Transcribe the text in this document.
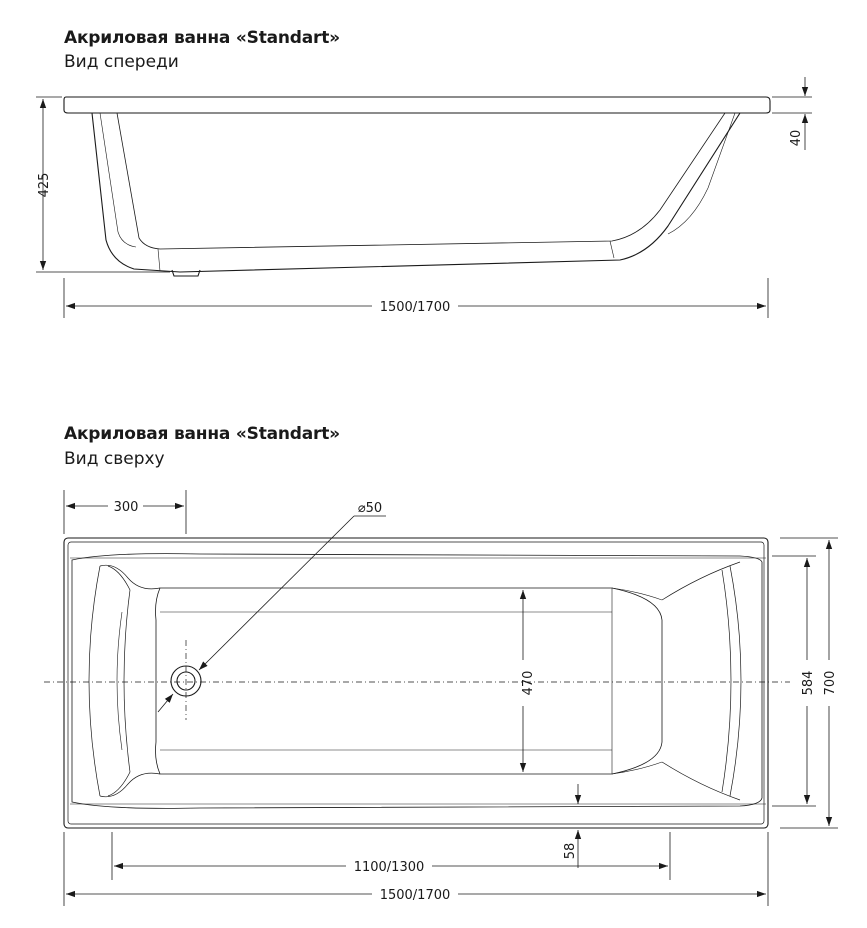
Акриловая ванна «Standart»
Вид спереди
Акриловая ванна «Standart»
Вид сверху
425
40
1500/1700
300	⌀50
470	584 700
58
1100/1300
1500/1700
